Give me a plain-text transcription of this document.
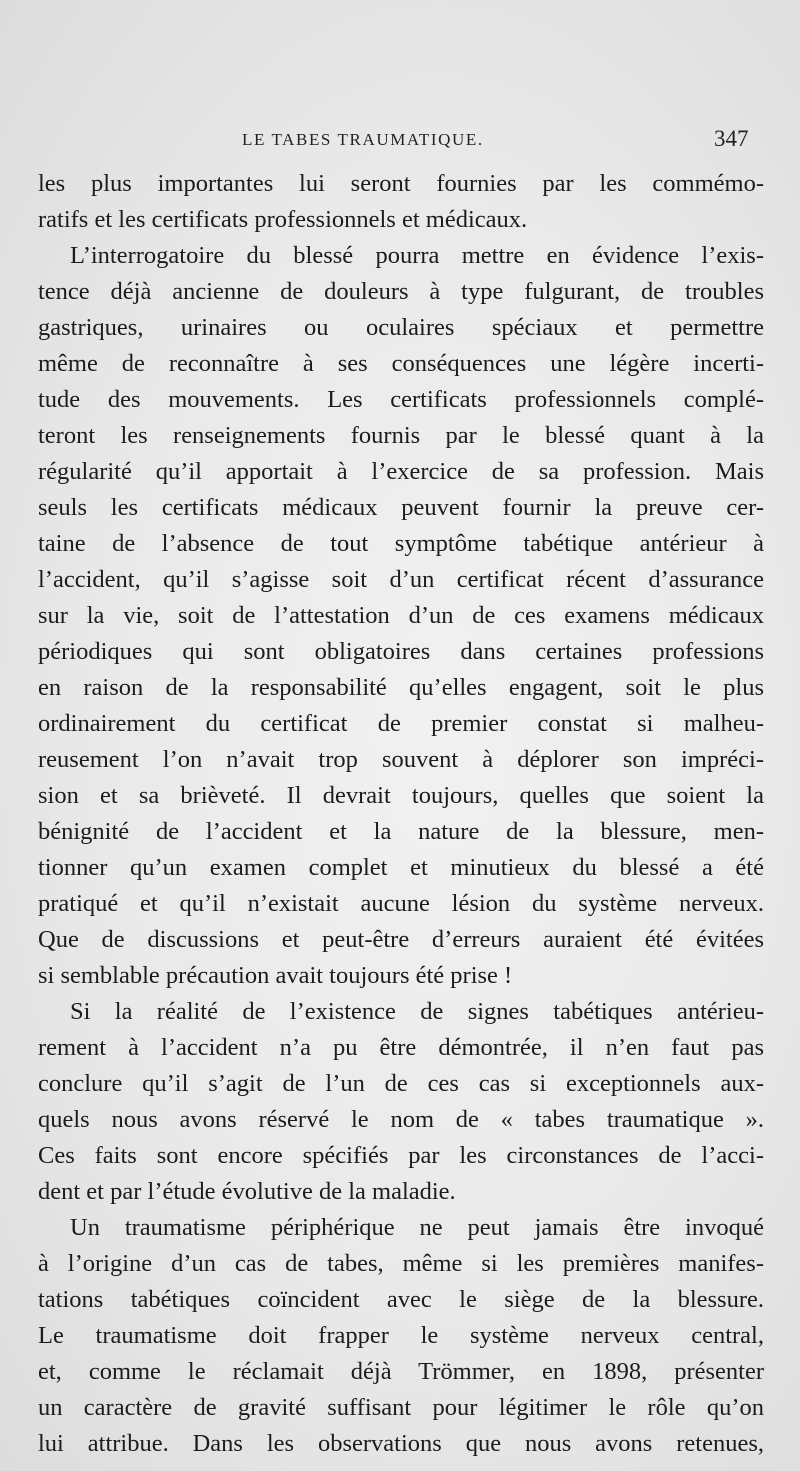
LE TABES TRAUMATIQUE.	347
les plus importantes lui seront fournies par les commémo-
ratifs et les certificats professionnels et médicaux.
L’interrogatoire du blessé pourra mettre en évidence l’exis-
tence déjà ancienne de douleurs à type fulgurant, de troubles
gastriques, urinaires ou oculaires spéciaux et permettre
même de reconnaître à ses conséquences une légère incerti-
tude des mouvements. Les certificats professionnels complé-
teront les renseignements fournis par le blessé quant à la
régularité qu’il apportait à l’exercice de sa profession. Mais
seuls les certificats médicaux peuvent fournir la preuve cer-
taine de l’absence de tout symptôme tabétique antérieur à
l’accident, qu’il s’agisse soit d’un certificat récent d’assurance
sur la vie, soit de l’attestation d’un de ces examens médicaux
périodiques qui sont obligatoires dans certaines professions
en raison de la responsabilité qu’elles engagent, soit le plus
ordinairement du certificat de premier constat si malheu-
reusement l’on n’avait trop souvent à déplorer son impréci-
sion et sa brièveté. Il devrait toujours, quelles que soient la
bénignité de l’accident et la nature de la blessure, men-
tionner qu’un examen complet et minutieux du blessé a été
pratiqué et qu’il n’existait aucune lésion du système nerveux.
Que de discussions et peut-être d’erreurs auraient été évitées
si semblable précaution avait toujours été prise !
Si la réalité de l’existence de signes tabétiques antérieu-
rement à l’accident n’a pu être démontrée, il n’en faut pas
conclure qu’il s’agit de l’un de ces cas si exceptionnels aux-
quels nous avons réservé le nom de « tabes traumatique ».
Ces faits sont encore spécifiés par les circonstances de l’acci-
dent et par l’étude évolutive de la maladie.
Un traumatisme périphérique ne peut jamais être invoqué
à l’origine d’un cas de tabes, même si les premières manifes-
tations tabétiques coïncident avec le siège de la blessure.
Le traumatisme doit frapper le système nerveux central,
et, comme le réclamait déjà Trömmer, en 1898, présenter
un caractère de gravité suffisant pour légitimer le rôle qu’on
lui attribue. Dans les observations que nous avons retenues,
